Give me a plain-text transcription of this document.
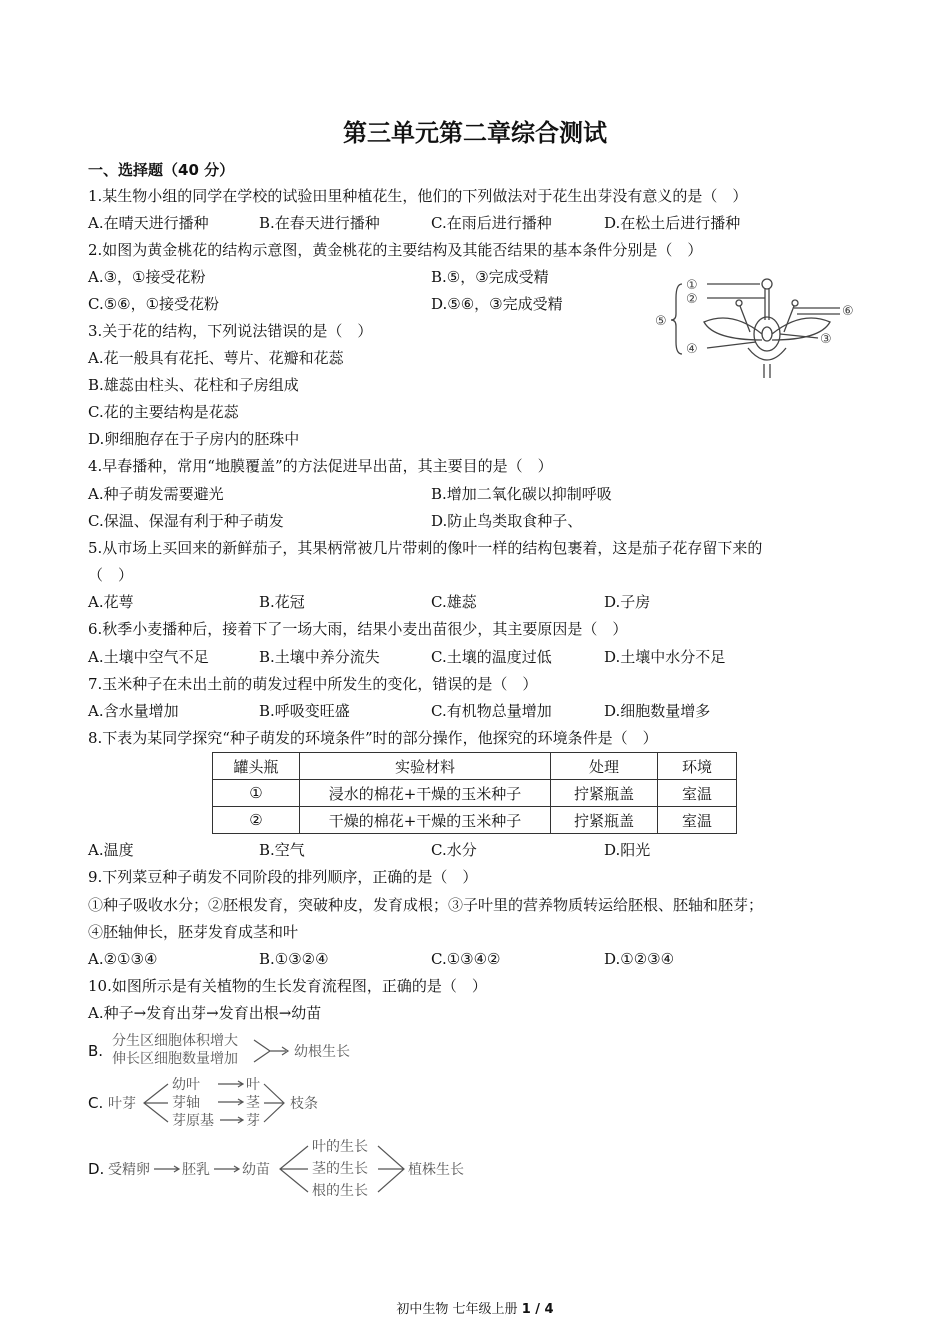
第三单元第二章综合测试
一、选择题（40 分）
1.某生物小组的同学在学校的试验田里种植花生，他们的下列做法对于花生出芽没有意义的是（　）
A.在晴天进行播种	B.在春天进行播种	C.在雨后进行播种	D.在松土后进行播种
2.如图为黄金桃花的结构示意图，黄金桃花的主要结构及其能否结果的基本条件分别是（　）
A.③，①接受花粉	B.⑤，③完成受精
C.⑤⑥，①接受花粉	D.⑤⑥，③完成受精
①
②
⑤
④
③
⑥
3.关于花的结构，下列说法错误的是（　）
A.花一般具有花托、萼片、花瓣和花蕊
B.雄蕊由柱头、花柱和子房组成
C.花的主要结构是花蕊
D.卵细胞存在于子房内的胚珠中
4.早春播种，常用“地膜覆盖”的方法促进早出苗，其主要目的是（　）
A.种子萌发需要避光	B.增加二氧化碳以抑制呼吸
C.保温、保湿有利于种子萌发	D.防止鸟类取食种子、
5.从市场上买回来的新鲜茄子，其果柄常被几片带刺的像叶一样的结构包裹着，这是茄子花存留下来的
（　）
A.花萼	B.花冠	C.雄蕊	D.子房
6.秋季小麦播种后，接着下了一场大雨，结果小麦出苗很少，其主要原因是（　）
A.土壤中空气不足	B.土壤中养分流失	C.土壤的温度过低	D.土壤中水分不足
7.玉米种子在未出土前的萌发过程中所发生的变化，错误的是（　）
A.含水量增加	B.呼吸变旺盛	C.有机物总量增加	D.细胞数量增多
8.下表为某同学探究“种子萌发的环境条件”时的部分操作，他探究的环境条件是（　）
罐头瓶	实验材料	处理	环境
①	浸水的棉花+干燥的玉米种子	拧紧瓶盖	室温
②	干燥的棉花+干燥的玉米种子	拧紧瓶盖	室温
A.温度	B.空气	C.水分	D.阳光
9.下列菜豆种子萌发不同阶段的排列顺序，正确的是（　）
①种子吸收水分；②胚根发育，突破种皮，发育成根；③子叶里的营养物质转运给胚根、胚轴和胚芽；
④胚轴伸长，胚芽发育成茎和叶
A.②①③④	B.①③②④	C.①③④②	D.①②③④
10.如图所示是有关植物的生长发育流程图，正确的是（　）
A.种子→发育出芽→发育出根→幼苗
B.
分生区细胞体积增大
伸长区细胞数量增加	幼根生长
C. 叶芽
幼叶
芽轴
芽原基
叶
茎
芽
枝条
D. 受精卵 胚乳 幼苗
叶的生长
茎的生长
根的生长
植株生长
初中生物 七年级上册 1 / 4
